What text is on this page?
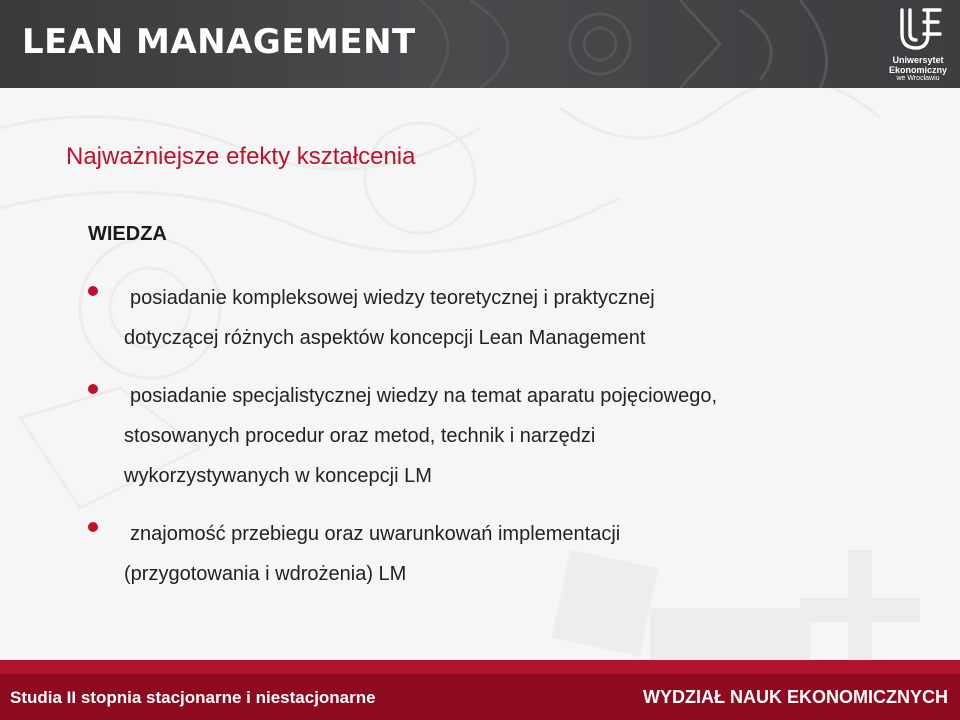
LEAN MANAGEMENT	Uniwersytet
Ekonomiczny
we Wrocławiu
Najważniejsze efekty kształcenia
WIEDZA
posiadanie kompleksowej wiedzy teoretycznej i praktycznej
dotyczącej różnych aspektów koncepcji Lean Management
posiadanie specjalistycznej wiedzy na temat aparatu pojęciowego,
stosowanych procedur oraz metod, technik i narzędzi
wykorzystywanych w koncepcji LM
znajomość przebiegu oraz uwarunkowań implementacji
(przygotowania i wdrożenia) LM
Studia II stopnia stacjonarne i niestacjonarne	WYDZIAŁ NAUK EKONOMICZNYCH
